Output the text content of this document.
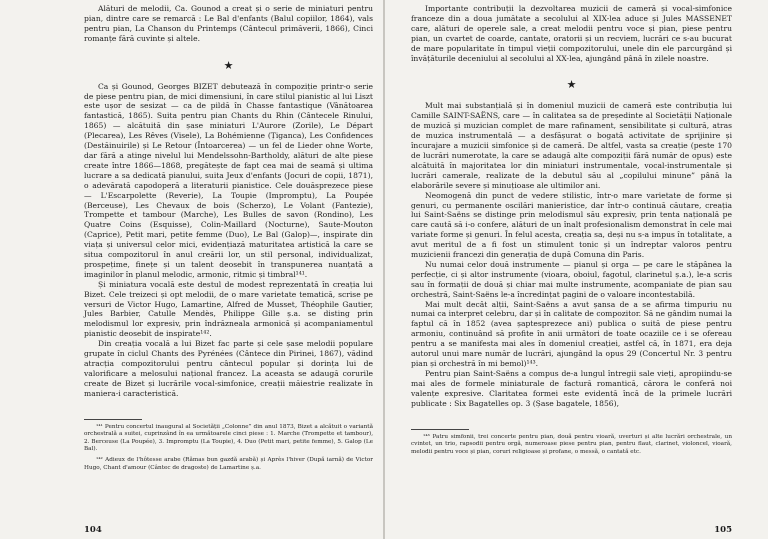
Alături de melodii, Ca. Gounod a creat și o serie de miniaturi pentru pian, dintre care se remarcă : Le Bal d'enfants (Balul copiilor, 1864), vals pentru pian, La Chanson du Printemps (Cântecul primăverii, 1866), Cinci romanțe fără cuvinte și altele.

★

Ca și Gounod, Georges BIZET debutează în compoziție printr-o serie de piese pentru pian, de mici dimensiuni, în care stilul pianistic al lui Liszt este ușor de sesizat — ca de pildă în Chasse fantastique (Vânătoarea fantastică, 1865). Suita pentru pian Chants du Rhin (Cântecele Rinului, 1865) — alcătuită din șase miniaturi L'Aurore (Zorile), Le Départ (Plecarea), Les Rêves (Visele), La Bohémienne (Țiganca), Les Confidences (Destăinuirile) și Le Retour (Întoarcerea) — un fel de Lieder ohne Worte, dar fără a atinge nivelul lui Mendelssohn-Bartholdy, alături de alte piese create între 1866—1868, pregătește de fapt cea mai de seamă și ultima lucrare a sa dedicată pianului, suita Jeux d'enfants (Jocuri de copii, 1871), o adevărată capodoperă a literaturii pianistice. Cele douăsprezece piese — L'Escarpolette (Reverie), La Toupie (Impromptu), La Poupée (Berceuse), Les Chevaux de bois (Scherzo), Le Volant (Fantezie), Trompette et tambour (Marche), Les Bulles de savon (Rondino), Les Quatre Coins (Esquisse), Colin-Maillard (Nocturne), Saute-Mouton (Caprice), Petit mari, petite femme (Duo), Le Bal (Galop)—, inspirate din viața și universul celor mici, evidențiază maturitatea artistică la care se situa compozitorul în anul creării lor, un stil personal, individualizat, prospețime, finețe și un talent deosebit în transpunerea nuanțată a imaginilor în planul melodic, armonic, ritmic și timbral¹⁴¹.

Și miniatura vocală este destul de modest reprezentată în creația lui Bizet. Cele treizeci și opt melodii, de o mare varietate tematică, scrise pe versuri de Victor Hugo, Lamartine, Alfred de Musset, Théophile Gautier, Jules Barbier, Catulle Mendès, Philippe Gille ș.a. se disting prin melodismul lor expresiv, prin îndrăzneala armonică și acompaniamentul pianistic deosebit de inspirate¹⁴².

Din creația vocală a lui Bizet fac parte și cele șase melodii populare grupate în ciclul Chants des Pyrénées (Cântece din Pirinei, 1867), vădind atracția compozitorului pentru cântecul popular și dorința lui de valorificare a melosului național francez. La aceasta se adaugă corurile create de Bizet și lucrările vocal-simfonice, creații măiestrie realizate în maniera-i caracteristică.

¹⁴¹ Pentru concertul inaugural al Societății „Colonne” din anul 1873, Bizet a alcătuit o variantă orchestrală a suitei, cuprinzând în ea următoarele cinci piese : 1. Marche (Trompette et tambour), 2. Berceuse (La Poupée), 3. Impromptu (La Toupie), 4. Duo (Petit mari, petite femme), 5. Galop (Le Bal).

¹⁴² Adieux de l'hôtesse arabe (Rămas bun gazdă arabă) și Après l'hiver (După iarnă) de Victor Hugo, Chant d'amour (Cântec de dragoste) de Lamartine ș.a.

104

Importante contribuții la dezvoltarea muzicii de cameră și vocal-simfonice franceze din a doua jumătate a secolului al XIX-lea aduce și Jules MASSENET care, alături de operele sale, a creat melodii pentru voce și pian, piese pentru pian, un cvartet de coarde, cantate, oratorii și un recviem, lucrări ce s-au bucurat de mare popularitate în timpul vieții compozitorului, unele din ele parcurgând și învățăturile deceniului al secolului al XX-lea, ajungând până în zilele noastre.

★

Mult mai substanțială și în domeniul muzicii de cameră este contribuția lui Camille SAINT-SAËNS, care — în calitatea sa de președinte al Societății Naționale de muzică și muzician complet de mare rafinament, sensibilitate și cultură, atras de muzica instrumentală — a desfășurat o bogată activitate de sprijinire și încurajare a muzicii simfonice și de cameră. De altfel, vasta sa creație (peste 170 de lucrări numerotate, la care se adaugă alte compoziții fără număr de opus) este alcătuită în majoritatea lor din miniaturi instrumentale, vocal-instrumentale și lucrări camerale, realizate de la debutul său al „copilului minune” până la elaborările severe și minuțioase ale ultimilor ani.

Neomogenă din punct de vedere stilistic, într-o mare varietate de forme și genuri, cu permanente oscilări manieristice, dar într-o continuă căutare, creația lui Saint-Saëns se distinge prin melodismul său expresiv, prin tenta națională pe care caută să i-o confere, alături de un înalt profesionalism demonstrat în cele mai variate forme și genuri. În felul acesta, creația sa, deși nu s-a impus în totalitate, a avut meritul de a fi fost un stimulent tonic și un îndreptar valoros pentru muzicienii francezi din generația de după Comuna din Paris.

Nu numai celor două instrumente — pianul și orga — pe care le stăpânea la perfecție, ci și altor instrumente (vioara, oboiul, fagotul, clarinetul ș.a.), le-a scris sau în formații de două și chiar mai multe instrumente, acompaniate de pian sau orchestră, Saint-Saëns le-a încredințat pagini de o valoare incontestabilă.

Mai mult decât alții, Saint-Saëns a avut șansa de a se afirma timpuriu nu numai ca interpret celebru, dar și în calitate de compozitor. Să ne gândim numai la faptul că în 1852 (avea șaptesprezece ani) publica o suită de piese pentru armoniu, continuând să profite în anii următori de toate ocaziile ce i se ofereau pentru a se manifesta mai ales în domeniul creației, astfel că, în 1871, era deja autorul unui mare număr de lucrări, ajungând la opus 29 (Concertul Nr. 3 pentru pian și orchestră în mi bemol)¹⁴³.

Pentru pian Saint-Saëns a compus de-a lungul întregii sale vieți, apropiindu-se mai ales de formele miniaturale de factură romantică, cărora le conferă noi valențe expresive. Claritatea formei este evidentă încă de la primele lucrări publicate : Six Bagatelles op. 3 (Șase bagatele, 1856),

¹⁴³ Patru simfonii, trei concerte pentru pian, două pentru vioară, uverturi și alte lucrări orchestrale, un cvintet, un trio, rapsodii pentru orgă, numeroase piese pentru pian, pentru flaut, clarinet, violoncel, vioară, melodii pentru voce și pian, coruri religioase și profane, o messă, o cantată etc.

105
